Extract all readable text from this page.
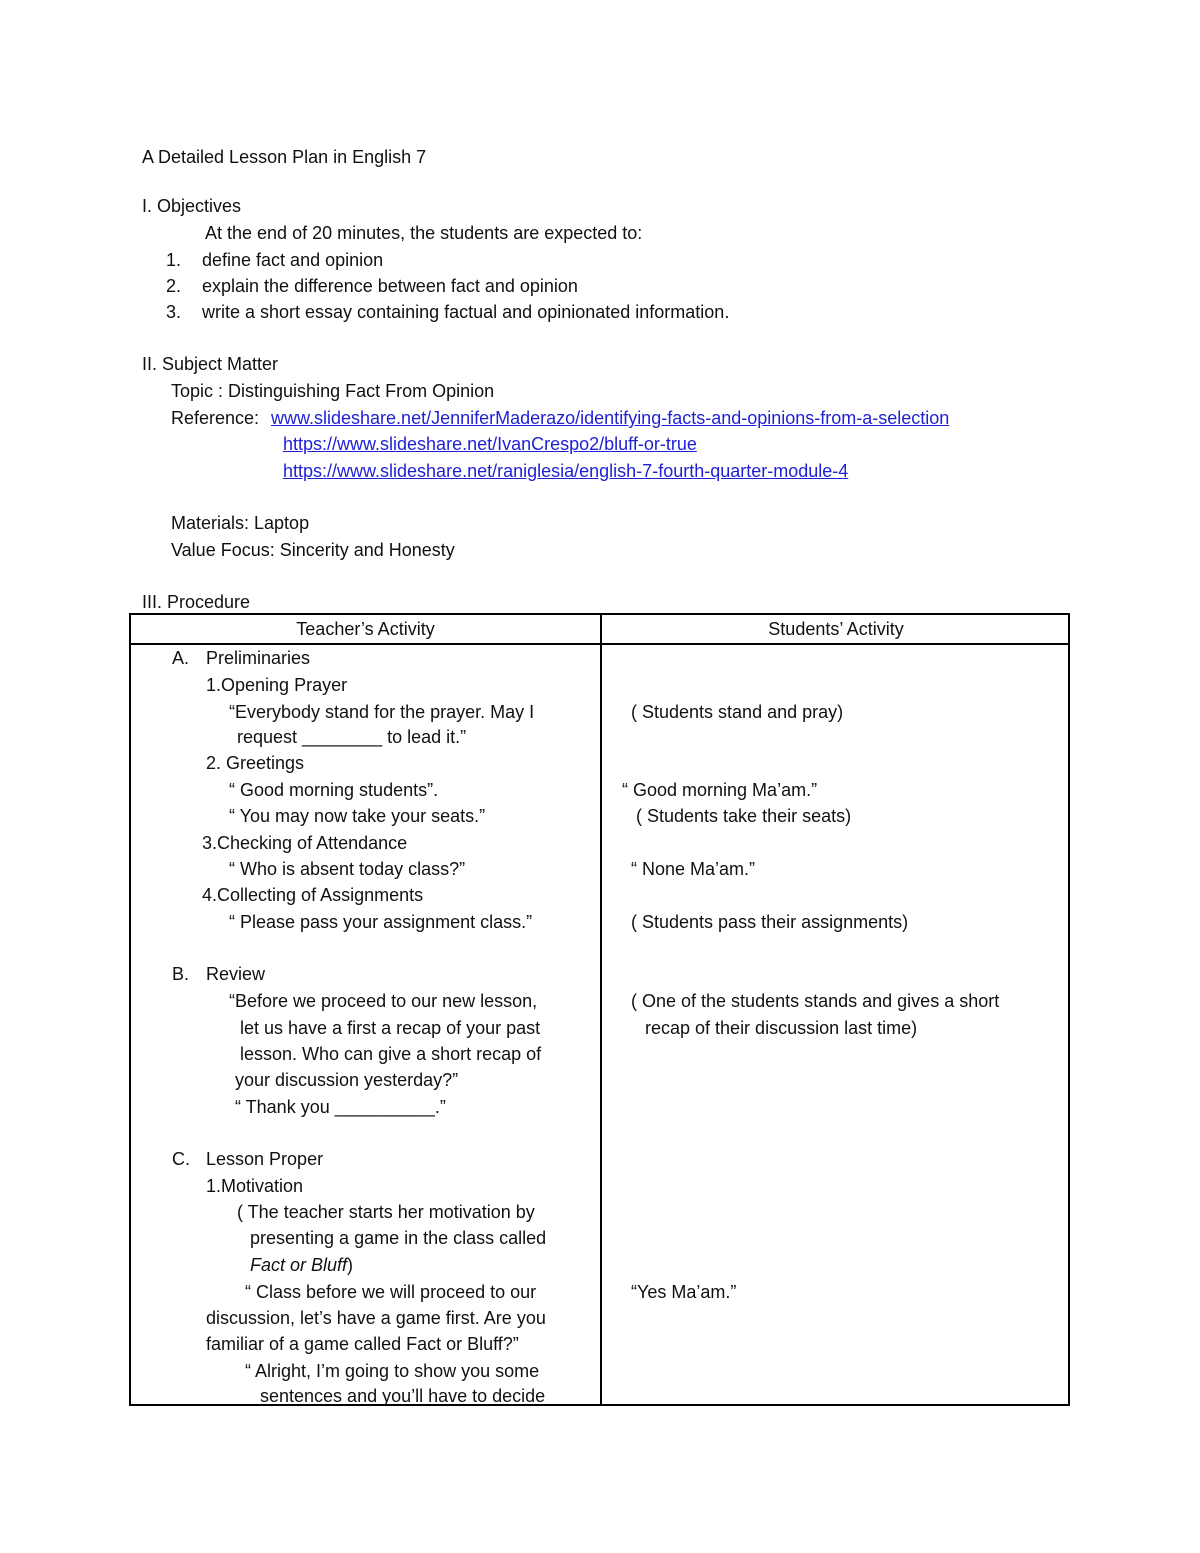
A Detailed Lesson Plan in English 7
I. Objectives
At the end of 20 minutes, the students are expected to:
1. define fact and opinion
2. explain the difference between fact and opinion
3. write a short essay containing factual and opinionated information.
II. Subject Matter
Topic : Distinguishing Fact From Opinion
Reference: www.slideshare.net/JenniferMaderazo/identifying-facts-and-opinions-from-a-selection
https://www.slideshare.net/IvanCrespo2/bluff-or-true
https://www.slideshare.net/raniglesia/english-7-fourth-quarter-module-4
Materials: Laptop
Value Focus: Sincerity and Honesty
III. Procedure
Teacher’s Activity	Students’ Activity
A. Preliminaries
1.Opening Prayer
“Everybody stand for the prayer. May I
request ________ to lead it.”
2. Greetings
“ Good morning students”.
“ You may now take your seats.”
3.Checking of Attendance
“ Who is absent today class?”
4.Collecting of Assignments
“ Please pass your assignment class.”
B. Review
“Before we proceed to our new lesson,
let us have a first a recap of your past
lesson. Who can give a short recap of
your discussion yesterday?”
“ Thank you __________.”
C. Lesson Proper
1.Motivation
( The teacher starts her motivation by
presenting a game in the class called
Fact or Bluff)
“ Class before we will proceed to our
discussion, let’s have a game first. Are you
familiar of a game called Fact or Bluff?”
“ Alright, I’m going to show you some
sentences and you’ll have to decide
( Students stand and pray)
“ Good morning Ma’am.”
( Students take their seats)
“ None Ma’am.”
( Students pass their assignments)
( One of the students stands and gives a short
recap of their discussion last time)
“Yes Ma’am.”
